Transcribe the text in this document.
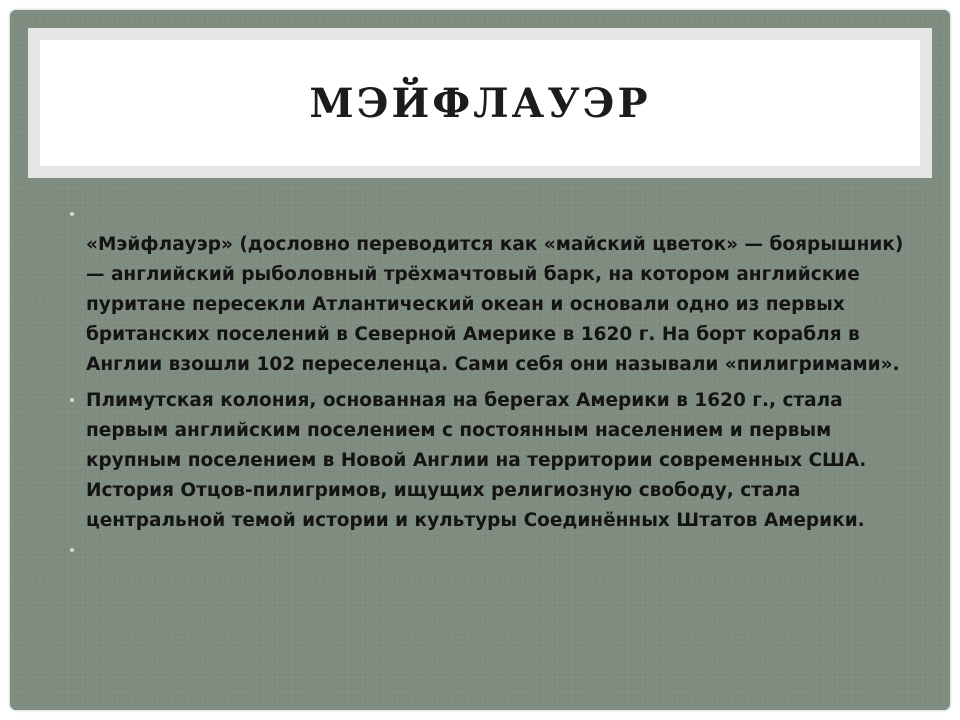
МЭЙФЛАУЭР
«Мэйфлауэр» (дословно переводится как «майский цветок» — боярышник) — английский рыболовный трёхмачтовый барк, на котором английские пуритане пересекли Атлантический океан и основали одно из первых британских поселений в Северной Америке в 1620 г. На борт корабля в Англии взошли 102 переселенца. Сами себя они называли «пилигримами».
Плимутская колония, основанная на берегах Америки в 1620 г., стала первым английским поселением с постоянным населением и первым крупным поселением в Новой Англии на территории современных США. История Отцов-пилигримов, ищущих религиозную свободу, стала центральной темой истории и культуры Соединённых Штатов Америки.
